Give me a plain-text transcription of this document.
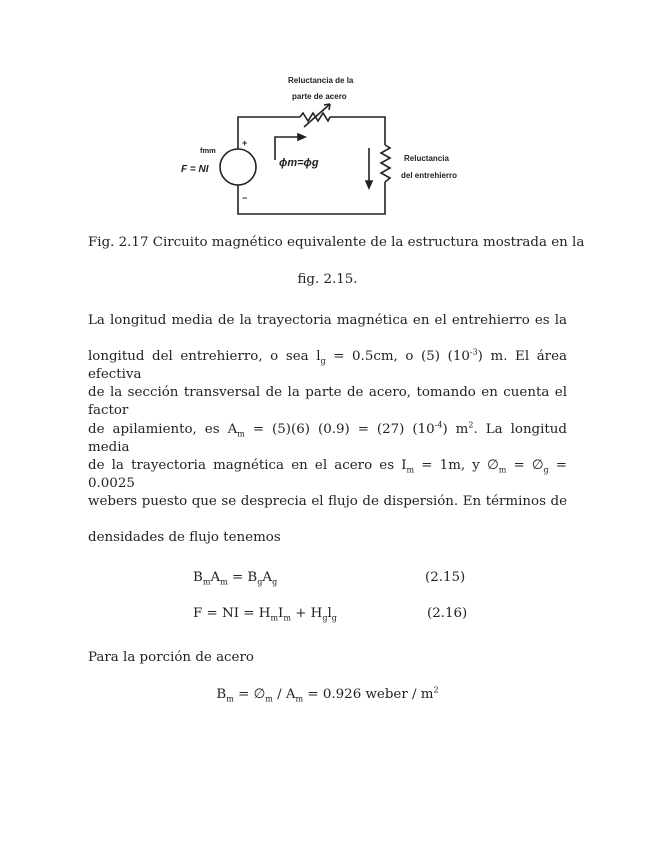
Reluctancia de la
parte de acero
fmm
F = NI
+
−
ϕm=ϕg	Reluctancia
del entrehierro
Fig. 2.17 Circuito magnético equivalente de la estructura mostrada en la
fig. 2.15.
La longitud media de la trayectoria magnética en el entrehierro es la
longitud del entrehierro, o sea $l_g = 0.5cm$, o (5) $(10^{-3})$ m. El área efectiva
de la sección transversal de la parte de acero, tomando en cuenta el factor
de apilamiento, es $A_m = (5)(6) (0.9) = (27)$ $(10^{-4})$ $m^2$. La longitud media
de la trayectoria magnética en el acero es $I_m = 1m$, y $\emptyset_m$ = $\emptyset_g = 0.0025$
webers puesto que se desprecia el flujo de dispersión. En términos de
densidades de flujo tenemos
$B_mA_m = B_gA_g$	(2.15)
F = NI = $H_mI_m + H_gl_g$	(2.16)
Para la porción de acero
$B_m$ = $\emptyset_m / A_m = 0.926$ weber / $m^2$
